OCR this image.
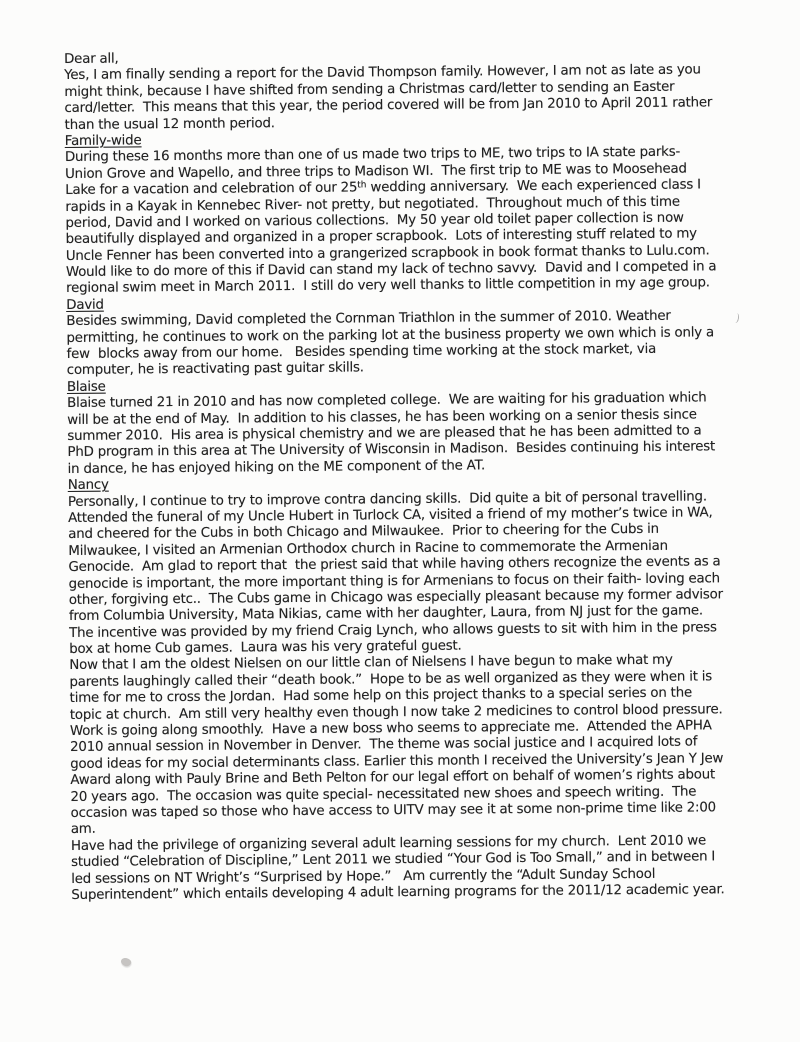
Dear all,
Yes, I am finally sending a report for the David Thompson family. However, I am not as late as you
might think, because I have shifted from sending a Christmas card/letter to sending an Easter
card/letter.  This means that this year, the period covered will be from Jan 2010 to April 2011 rather
than the usual 12 month period.
Family-wide
During these 16 months more than one of us made two trips to ME, two trips to IA state parks-
Union Grove and Wapello, and three trips to Madison WI.  The first trip to ME was to Moosehead
Lake for a vacation and celebration of our 25th wedding anniversary.  We each experienced class I
rapids in a Kayak in Kennebec River- not pretty, but negotiated.  Throughout much of this time
period, David and I worked on various collections.  My 50 year old toilet paper collection is now
beautifully displayed and organized in a proper scrapbook.  Lots of interesting stuff related to my
Uncle Fenner has been converted into a grangerized scrapbook in book format thanks to Lulu.com.
Would like to do more of this if David can stand my lack of techno savvy.  David and I competed in a
regional swim meet in March 2011.  I still do very well thanks to little competition in my age group.
David
Besides swimming, David completed the Cornman Triathlon in the summer of 2010. Weather
permitting, he continues to work on the parking lot at the business property we own which is only a
few  blocks away from our home.   Besides spending time working at the stock market, via
computer, he is reactivating past guitar skills.
Blaise
Blaise turned 21 in 2010 and has now completed college.  We are waiting for his graduation which
will be at the end of May.  In addition to his classes, he has been working on a senior thesis since
summer 2010.  His area is physical chemistry and we are pleased that he has been admitted to a
PhD program in this area at The University of Wisconsin in Madison.  Besides continuing his interest
in dance, he has enjoyed hiking on the ME component of the AT.
Nancy
Personally, I continue to try to improve contra dancing skills.  Did quite a bit of personal travelling.
Attended the funeral of my Uncle Hubert in Turlock CA, visited a friend of my mother’s twice in WA,
and cheered for the Cubs in both Chicago and Milwaukee.  Prior to cheering for the Cubs in
Milwaukee, I visited an Armenian Orthodox church in Racine to commemorate the Armenian
Genocide.  Am glad to report that  the priest said that while having others recognize the events as a
genocide is important, the more important thing is for Armenians to focus on their faith- loving each
other, forgiving etc..  The Cubs game in Chicago was especially pleasant because my former advisor
from Columbia University, Mata Nikias, came with her daughter, Laura, from NJ just for the game.
The incentive was provided by my friend Craig Lynch, who allows guests to sit with him in the press
box at home Cub games.  Laura was his very grateful guest.
Now that I am the oldest Nielsen on our little clan of Nielsens I have begun to make what my
parents laughingly called their “death book.”  Hope to be as well organized as they were when it is
time for me to cross the Jordan.  Had some help on this project thanks to a special series on the
topic at church.  Am still very healthy even though I now take 2 medicines to control blood pressure.
Work is going along smoothly.  Have a new boss who seems to appreciate me.  Attended the APHA
2010 annual session in November in Denver.  The theme was social justice and I acquired lots of
good ideas for my social determinants class. Earlier this month I received the University’s Jean Y Jew
Award along with Pauly Brine and Beth Pelton for our legal effort on behalf of women’s rights about
20 years ago.  The occasion was quite special- necessitated new shoes and speech writing.  The
occasion was taped so those who have access to UITV may see it at some non-prime time like 2:00
am.
Have had the privilege of organizing several adult learning sessions for my church.  Lent 2010 we
studied “Celebration of Discipline,” Lent 2011 we studied “Your God is Too Small,” and in between I
led sessions on NT Wright’s “Surprised by Hope.”   Am currently the “Adult Sunday School
Superintendent” which entails developing 4 adult learning programs for the 2011/12 academic year.
